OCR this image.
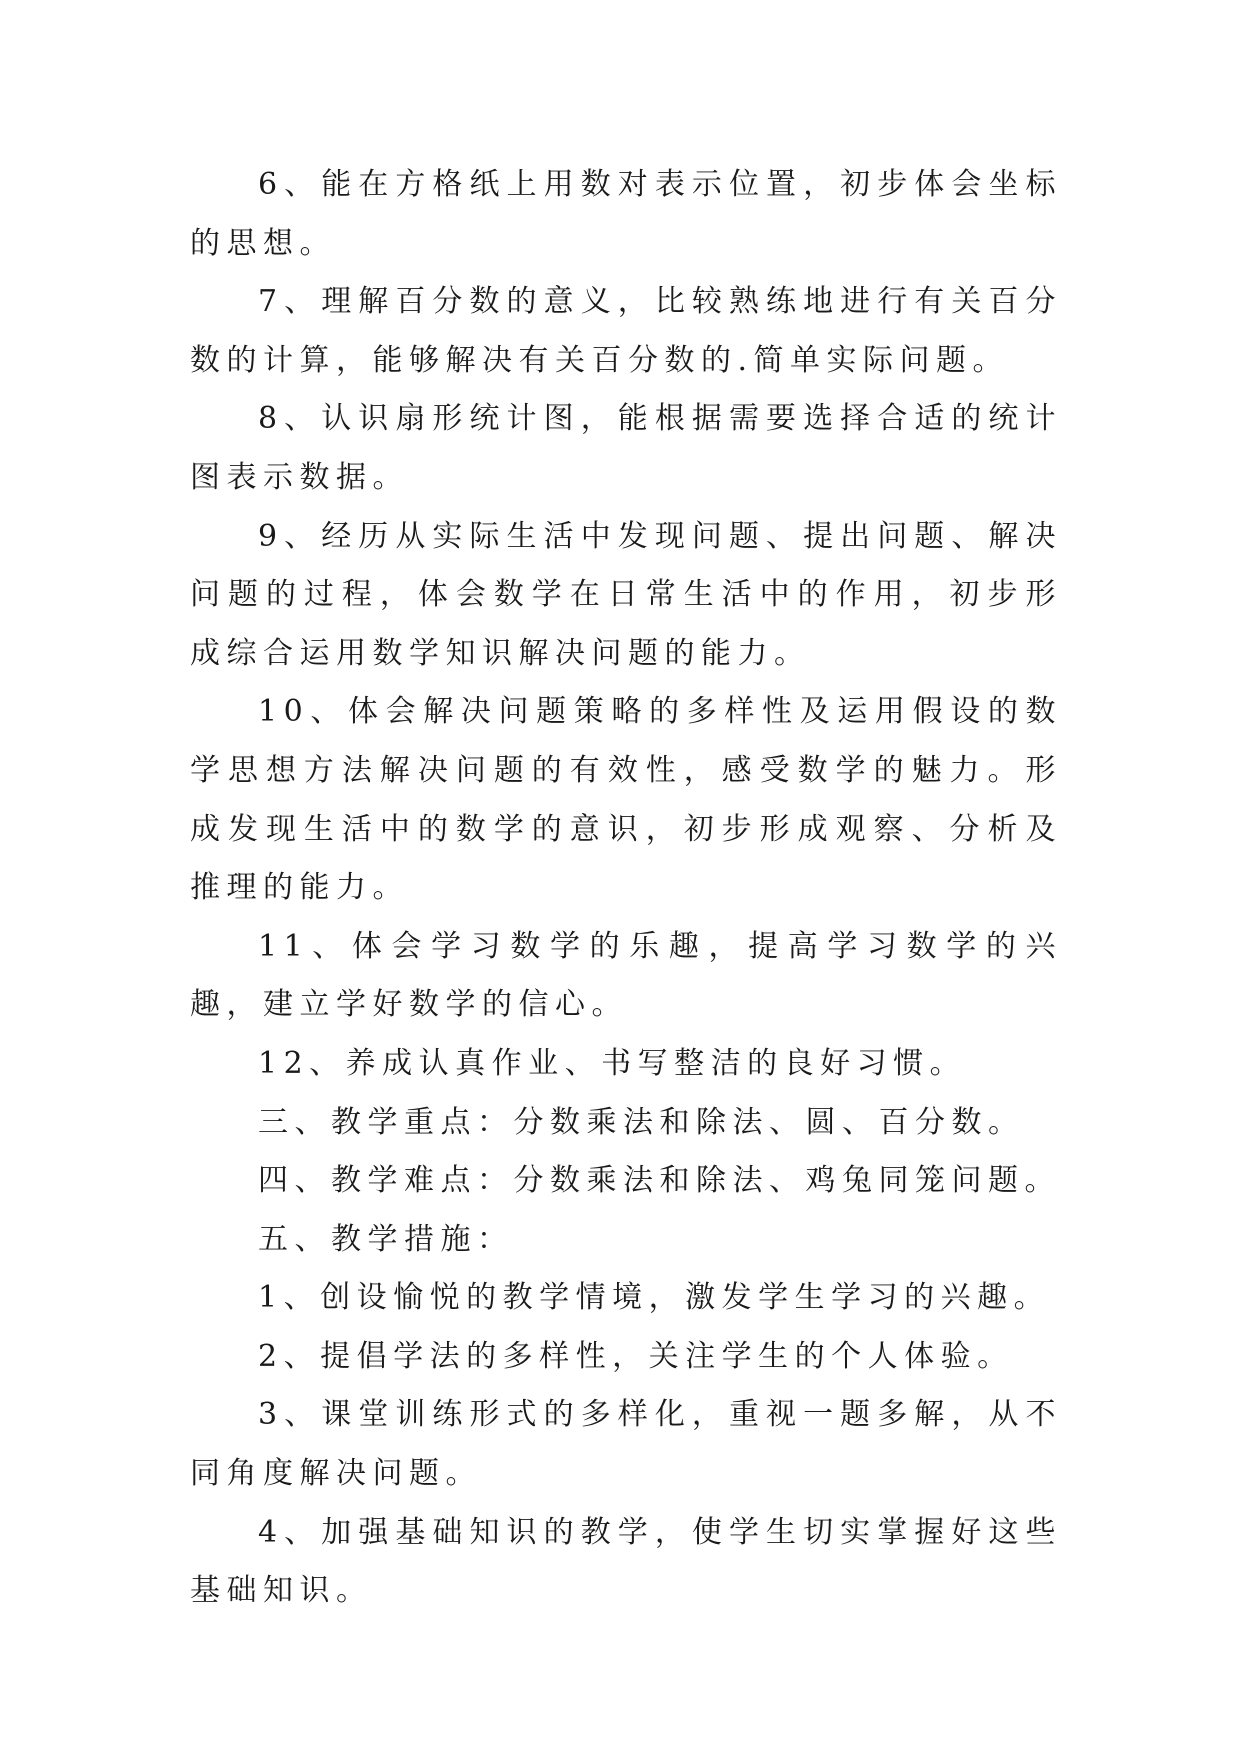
6、能在方格纸上用数对表示位置，初步体会坐标的思想。

7、理解百分数的意义，比较熟练地进行有关百分数的计算，能够解决有关百分数的.简单实际问题。

8、认识扇形统计图，能根据需要选择合适的统计图表示数据。

9、经历从实际生活中发现问题、提出问题、解决问题的过程，体会数学在日常生活中的作用，初步形成综合运用数学知识解决问题的能力。

10、体会解决问题策略的多样性及运用假设的数学思想方法解决问题的有效性，感受数学的魅力。形成发现生活中的数学的意识，初步形成观察、分析及推理的能力。

11、体会学习数学的乐趣，提高学习数学的兴趣，建立学好数学的信心。

12、养成认真作业、书写整洁的良好习惯。

三、教学重点：分数乘法和除法、圆、百分数。

四、教学难点：分数乘法和除法、鸡兔同笼问题。

五、教学措施：

1、创设愉悦的教学情境，激发学生学习的兴趣。

2、提倡学法的多样性，关注学生的个人体验。

3、课堂训练形式的多样化，重视一题多解，从不同角度解决问题。

4、加强基础知识的教学，使学生切实掌握好这些基础知识。
